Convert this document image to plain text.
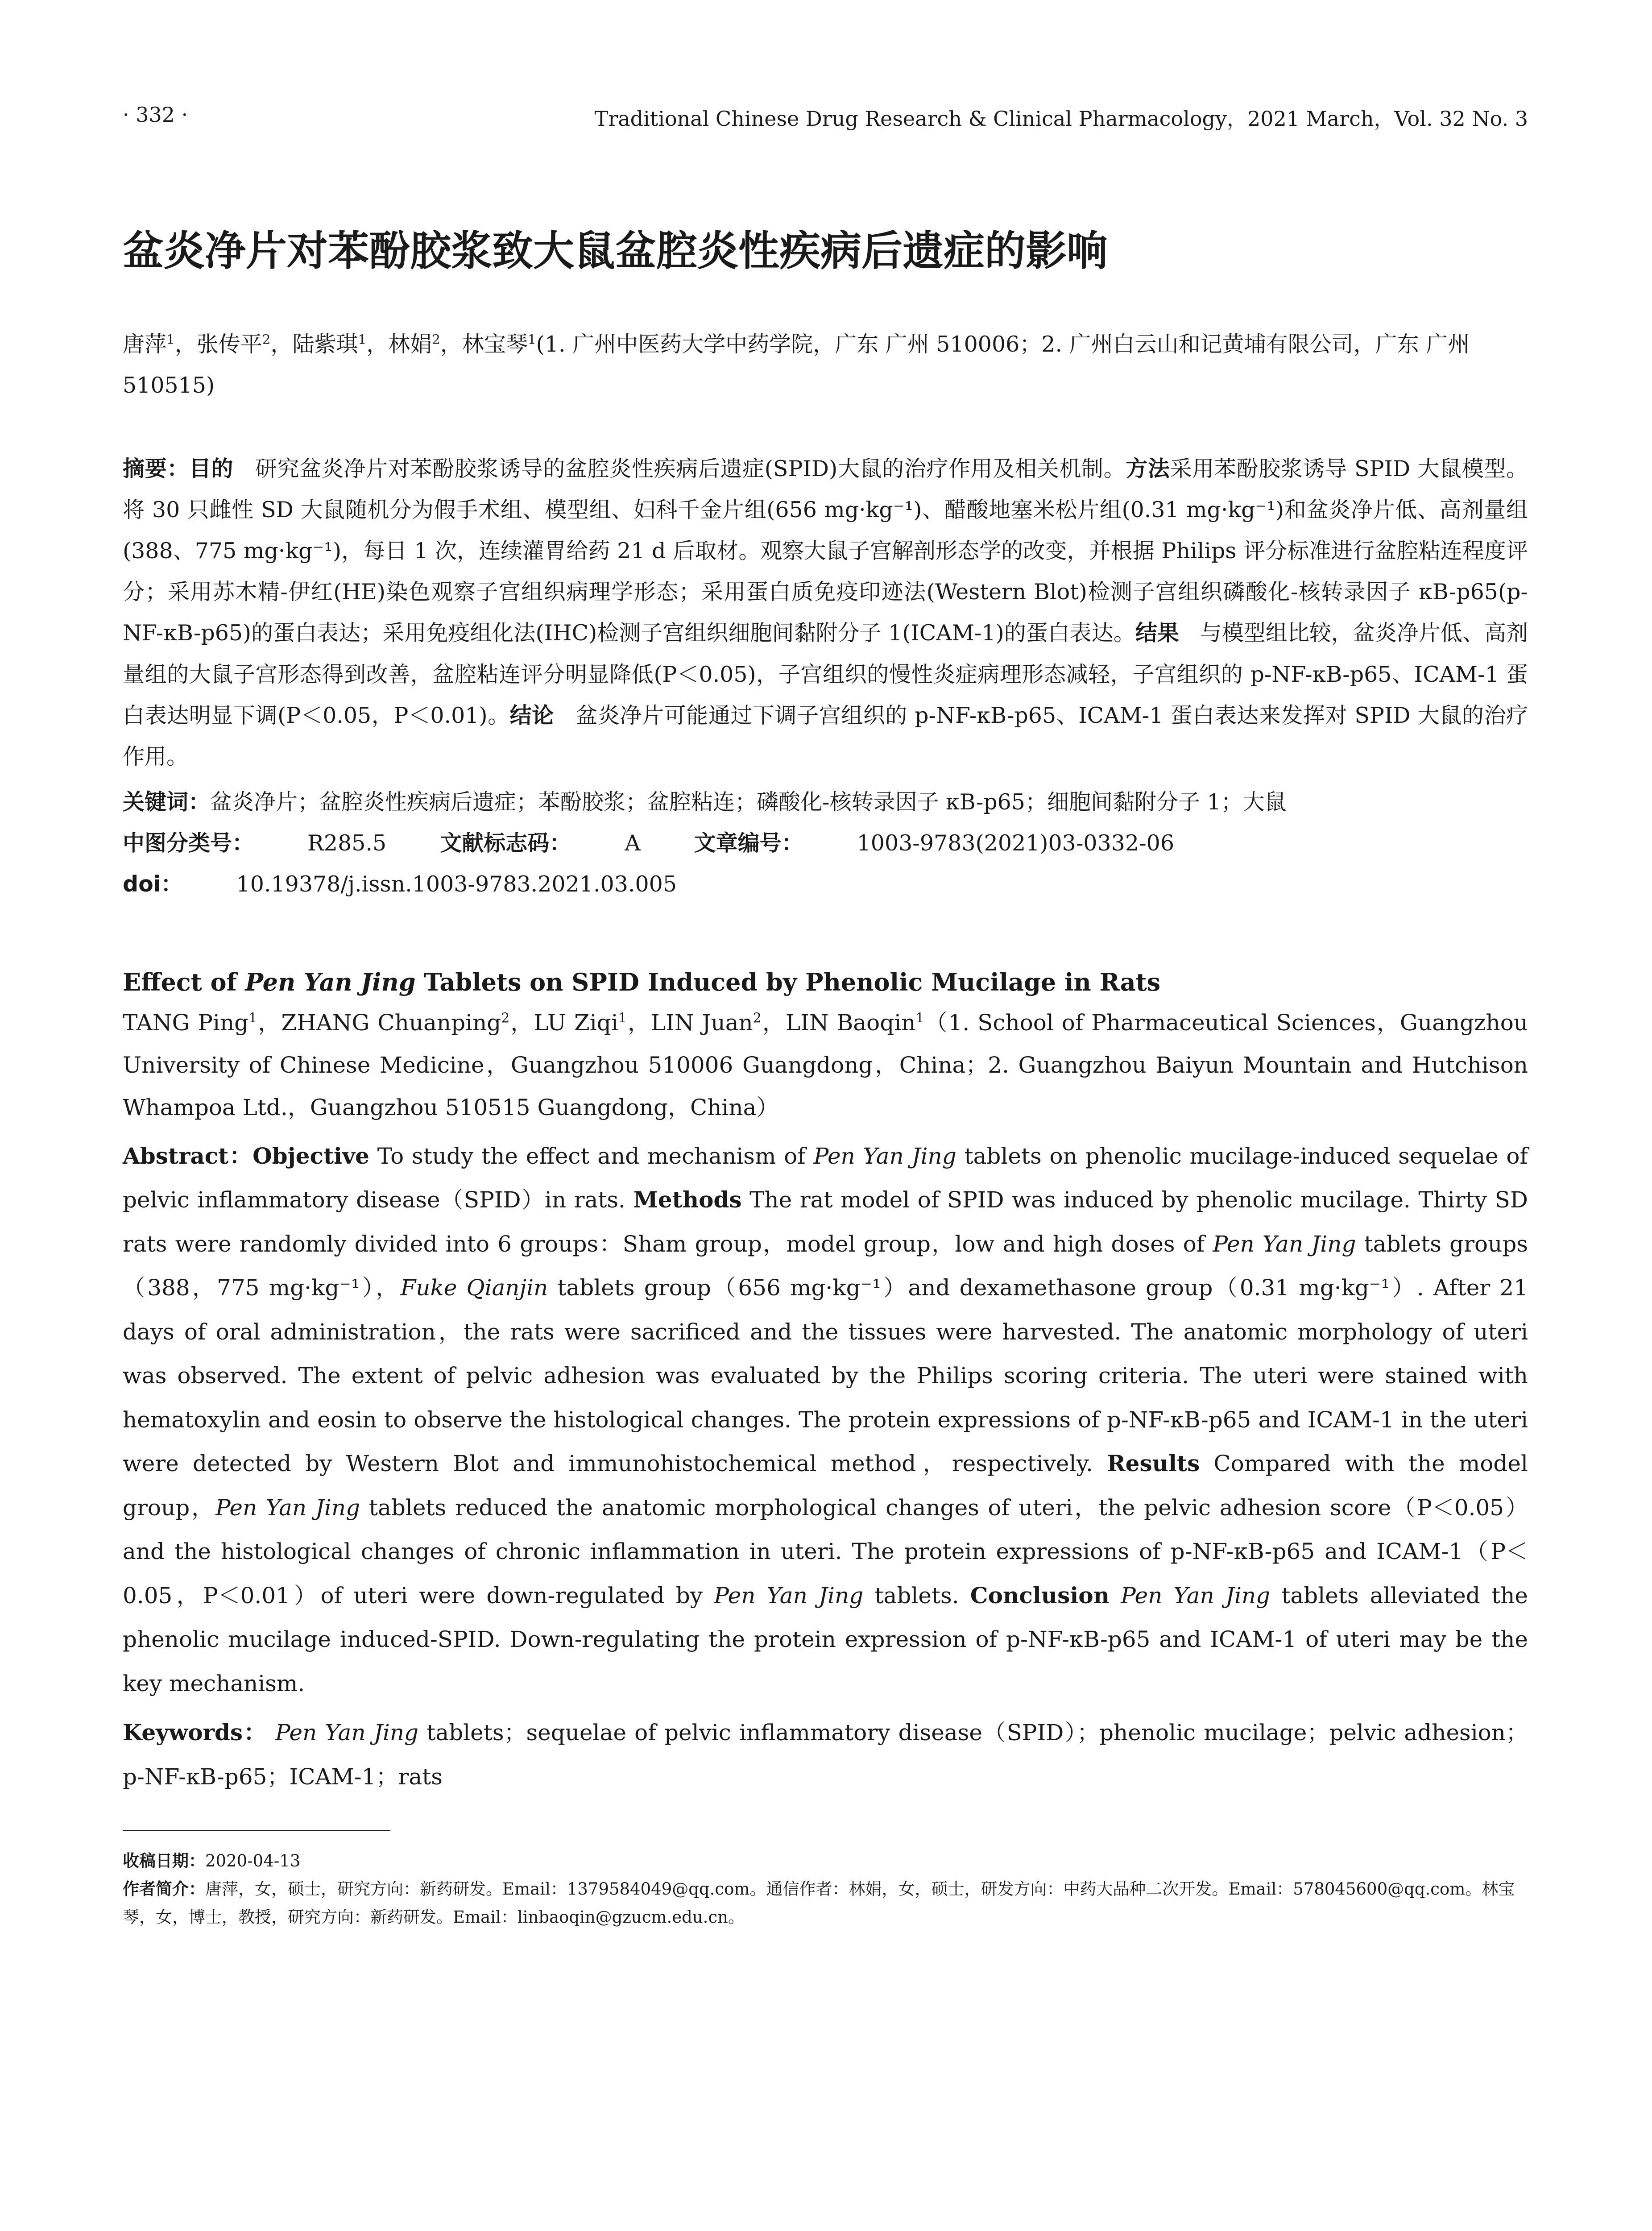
· 332 ·	Traditional Chinese Drug Research & Clinical Pharmacology，2021 March，Vol. 32 No. 3
盆炎净片对苯酚胶浆致大鼠盆腔炎性疾病后遗症的影响
唐萍$^1$，张传平$^2$，陆紫琪$^1$，林娟$^2$，林宝琴$^1$(1. 广州中医药大学中药学院，广东 广州 510006；2. 广州白云山和记黄埔有限公司，广东 广州 510515)
摘要：目的 研究盆炎净片对苯酚胶浆诱导的盆腔炎性疾病后遗症(SPID)大鼠的治疗作用及相关机制。方法采用苯酚胶浆诱导 SPID 大鼠模型。将 30 只雌性 SD 大鼠随机分为假手术组、模型组、妇科千金片组(656 mg·kg⁻¹)、醋酸地塞米松片组(0.31 mg·kg⁻¹)和盆炎净片低、高剂量组(388、775 mg·kg⁻¹)，每日 1 次，连续灌胃给药 21 d 后取材。观察大鼠子宫解剖形态学的改变，并根据 Philips 评分标准进行盆腔粘连程度评分；采用苏木精-伊红(HE)染色观察子宫组织病理学形态；采用蛋白质免疫印迹法(Western Blot)检测子宫组织磷酸化-核转录因子 κB-p65(p-NF-κB-p65)的蛋白表达；采用免疫组化法(IHC)检测子宫组织细胞间黏附分子 1(ICAM-1)的蛋白表达。结果 与模型组比较，盆炎净片低、高剂量组的大鼠子宫形态得到改善，盆腔粘连评分明显降低(P＜0.05)，子宫组织的慢性炎症病理形态减轻，子宫组织的 p-NF-κB-p65、ICAM-1 蛋白表达明显下调(P＜0.05，P＜0.01)。结论 盆炎净片可能通过下调子宫组织的 p-NF-κB-p65、ICAM-1 蛋白表达来发挥对 SPID 大鼠的治疗作用。
关键词：盆炎净片；盆腔炎性疾病后遗症；苯酚胶浆；盆腔粘连；磷酸化-核转录因子 κB-p65；细胞间黏附分子 1；大鼠
中图分类号： R285.5 文献标志码： A 文章编号： 1003-9783(2021)03-0332-06
doi： 10.19378/j.issn.1003-9783.2021.03.005
Effect of Pen Yan Jing Tablets on SPID Induced by Phenolic Mucilage in Rats
TANG Ping$^1$，ZHANG Chuanping$^2$，LU Ziqi$^1$，LIN Juan$^2$，LIN Baoqin$^1$（1. School of Pharmaceutical Sciences，Guangzhou University of Chinese Medicine，Guangzhou 510006 Guangdong，China；2. Guangzhou Baiyun Mountain and Hutchison Whampoa Ltd.，Guangzhou 510515 Guangdong，China）
Abstract：Objective To study the effect and mechanism of Pen Yan Jing tablets on phenolic mucilage-induced sequelae of pelvic inflammatory disease（SPID）in rats. Methods The rat model of SPID was induced by phenolic mucilage. Thirty SD rats were randomly divided into 6 groups：Sham group，model group，low and high doses of Pen Yan Jing tablets groups（388，775 mg·kg⁻¹），Fuke Qianjin tablets group（656 mg·kg⁻¹）and dexamethasone group（0.31 mg·kg⁻¹）. After 21 days of oral administration，the rats were sacrificed and the tissues were harvested. The anatomic morphology of uteri was observed. The extent of pelvic adhesion was evaluated by the Philips scoring criteria. The uteri were stained with hematoxylin and eosin to observe the histological changes. The protein expressions of p-NF-κB-p65 and ICAM-1 in the uteri were detected by Western Blot and immunohistochemical method，respectively. Results Compared with the model group，Pen Yan Jing tablets reduced the anatomic morphological changes of uteri，the pelvic adhesion score（P＜0.05）and the histological changes of chronic inflammation in uteri. The protein expressions of p-NF-κB-p65 and ICAM-1（P＜0.05，P＜0.01）of uteri were down-regulated by Pen Yan Jing tablets. Conclusion Pen Yan Jing tablets alleviated the phenolic mucilage induced-SPID. Down-regulating the protein expression of p-NF-κB-p65 and ICAM-1 of uteri may be the key mechanism.
Keywords： Pen Yan Jing tablets；sequelae of pelvic inflammatory disease（SPID）；phenolic mucilage；pelvic adhesion；p-NF-κB-p65；ICAM-1；rats
收稿日期：2020-04-13
作者简介：唐萍，女，硕士，研究方向：新药研发。Email：1379584049@qq.com。通信作者：林娟，女，硕士，研发方向：中药大品种二次开发。Email：578045600@qq.com。林宝琴，女，博士，教授，研究方向：新药研发。Email：linbaoqin@gzucm.edu.cn。
